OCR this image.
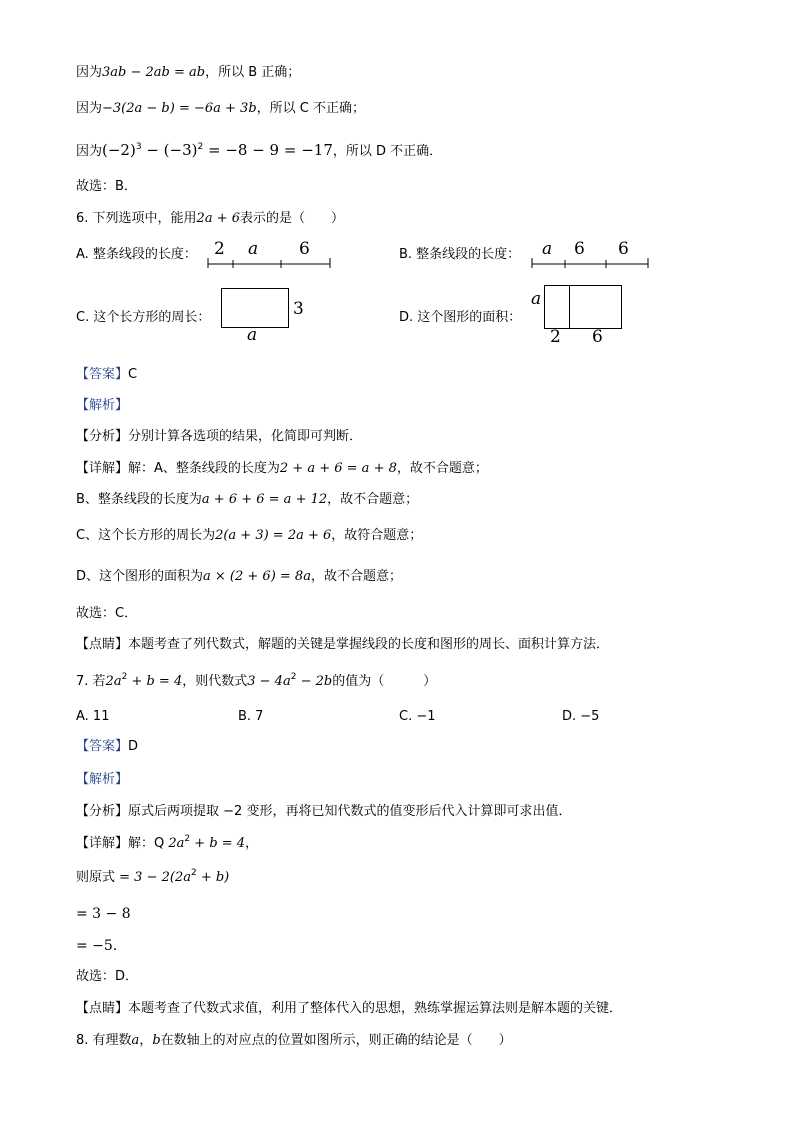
因为3ab − 2ab = ab，所以 B 正确；
因为−3(2a − b) = −6a + 3b，所以 C 不正确；
因为$(-2)^3 - (-3)^2 = -8 - 9 = -17$，所以 D 不正确．
故选：B．
6. 下列选项中，能用2a + 6表示的是（　　）
A. 整条线段的长度： 2 a 6	B. 整条线段的长度： a 6 6
C. 这个长方形的周长：	3
a
D. 这个图形的面积：
a
2 6
【答案】C
【解析】
【分析】分别计算各选项的结果，化简即可判断．
【详解】解：A、整条线段的长度为2 + a + 6 = a + 8，故不合题意；
B、整条线段的长度为a + 6 + 6 = a + 12，故不合题意；
C、这个长方形的周长为2(a + 3) = 2a + 6，故符合题意；
D、这个图形的面积为a × (2 + 6) = 8a，故不合题意；
故选：C．
【点睛】本题考查了列代数式，解题的关键是掌握线段的长度和图形的周长、面积计算方法．
7. 若$2a^2 + b = 4$，则代数式$3 - 4a^2 - 2b$的值为（　　　）
A. 11	B. 7	C. −1	D. −5
【答案】D
【解析】
【分析】原式后两项提取 −2 变形，再将已知代数式的值变形后代入计算即可求出值．
【详解】解：Q $2a^2 + b = 4$，
则原式 = $3 - 2(2a^2 + b)$
= 3 − 8
= −5．
故选：D．
【点睛】本题考查了代数式求值，利用了整体代入的思想，熟练掌握运算法则是解本题的关键．
8. 有理数a，b在数轴上的对应点的位置如图所示，则正确的结论是（　　）
